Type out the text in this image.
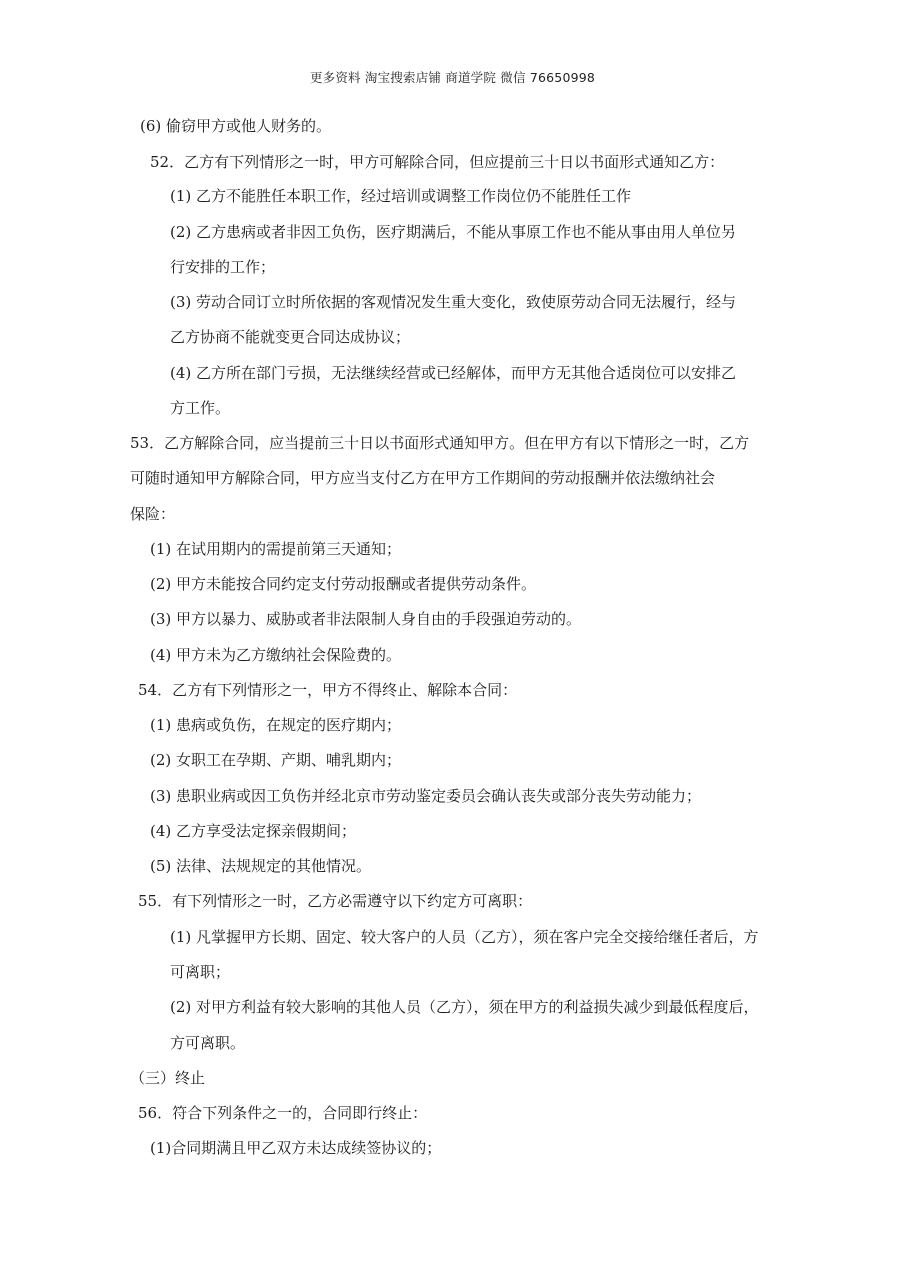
更多资料 淘宝搜索店铺 商道学院 微信 76650998
(6) 偷窃甲方或他人财务的。
52．乙方有下列情形之一时，甲方可解除合同，但应提前三十日以书面形式通知乙方：
(1) 乙方不能胜任本职工作，经过培训或调整工作岗位仍不能胜任工作
(2) 乙方患病或者非因工负伤，医疗期满后，不能从事原工作也不能从事由用人单位另
行安排的工作；
(3) 劳动合同订立时所依据的客观情况发生重大变化，致使原劳动合同无法履行，经与
乙方协商不能就变更合同达成协议；
(4) 乙方所在部门亏损，无法继续经营或已经解体，而甲方无其他合适岗位可以安排乙
方工作。
53．乙方解除合同，应当提前三十日以书面形式通知甲方。但在甲方有以下情形之一时，乙方
可随时通知甲方解除合同，甲方应当支付乙方在甲方工作期间的劳动报酬并依法缴纳社会
保险：
(1) 在试用期内的需提前第三天通知；
(2) 甲方未能按合同约定支付劳动报酬或者提供劳动条件。
(3) 甲方以暴力、威胁或者非法限制人身自由的手段强迫劳动的。
(4) 甲方未为乙方缴纳社会保险费的。
54．乙方有下列情形之一，甲方不得终止、解除本合同：
(1) 患病或负伤，在规定的医疗期内；
(2) 女职工在孕期、产期、哺乳期内；
(3) 患职业病或因工负伤并经北京市劳动鉴定委员会确认丧失或部分丧失劳动能力；
(4) 乙方享受法定探亲假期间；
(5) 法律、法规规定的其他情况。
55．有下列情形之一时，乙方必需遵守以下约定方可离职：
(1) 凡掌握甲方长期、固定、较大客户的人员（乙方），须在客户完全交接给继任者后，方
可离职；
(2) 对甲方利益有较大影响的其他人员（乙方），须在甲方的利益损失减少到最低程度后，
方可离职。
（三）终止
56．符合下列条件之一的，合同即行终止：
(1)合同期满且甲乙双方未达成续签协议的；
